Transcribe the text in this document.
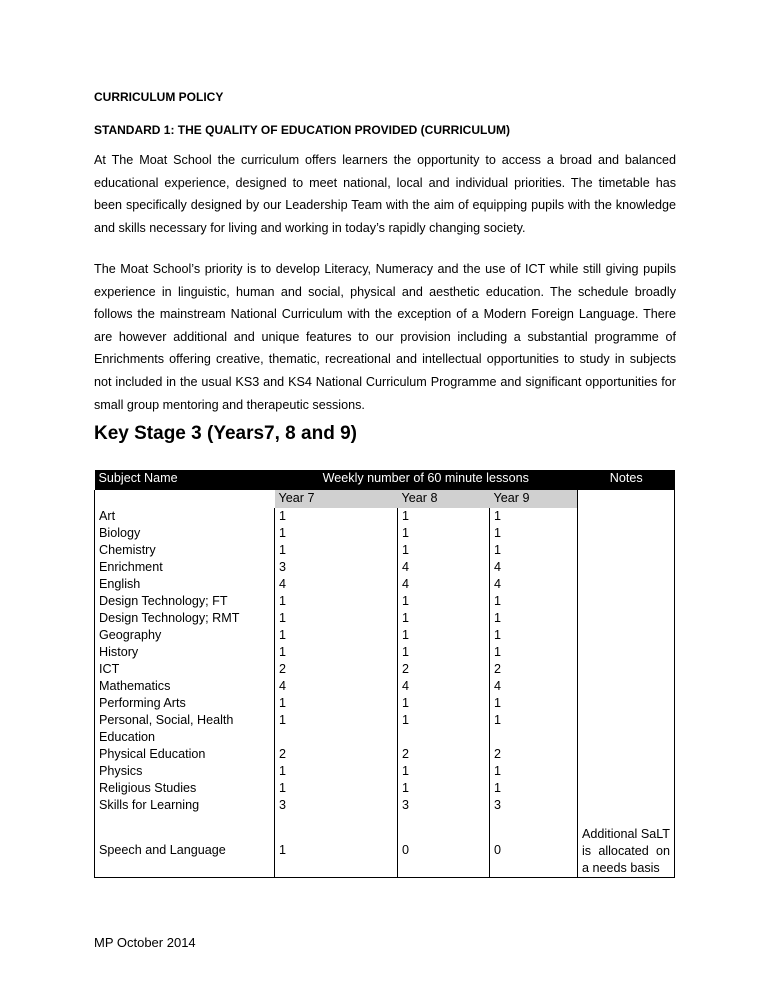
CURRICULUM POLICY
STANDARD 1: THE QUALITY OF EDUCATION PROVIDED (CURRICULUM)

At The Moat School the curriculum offers learners the opportunity to access a broad and balanced educational experience, designed to meet national, local and individual priorities. The timetable has been specifically designed by our Leadership Team with the aim of equipping pupils with the knowledge and skills necessary for living and working in today’s rapidly changing society.

The Moat School’s priority is to develop Literacy, Numeracy and the use of ICT while still giving pupils experience in linguistic, human and social, physical and aesthetic education. The schedule broadly follows the mainstream National Curriculum with the exception of a Modern Foreign Language. There are however additional and unique features to our provision including a substantial programme of Enrichments offering creative, thematic, recreational and intellectual opportunities to study in subjects not included in the usual KS3 and KS4 National Curriculum Programme and significant opportunities for small group mentoring and therapeutic sessions.

Key Stage 3 (Years7, 8 and 9)
Subject Name	Weekly number of 60 minute lessons			Notes
	Year 7	Year 8	Year 9	
Art	1	1	1	
Biology	1	1	1	
Chemistry	1	1	1	
Enrichment	3	4	4	
English	4	4	4	
Design Technology; FT	1	1	1	
Design Technology; RMT	1	1	1	
Geography	1	1	1	
History	1	1	1	
ICT	2	2	2	
Mathematics	4	4	4	
Performing Arts	1	1	1	
Personal, Social, Health Education	1	1	1	
Physical Education	2	2	2	
Physics	1	1	1	
Religious Studies	1	1	1	
Skills for Learning	3	3	3	

Speech and Language	1	0	0	Additional SaLT is allocated on a needs basis
MP October 2014
